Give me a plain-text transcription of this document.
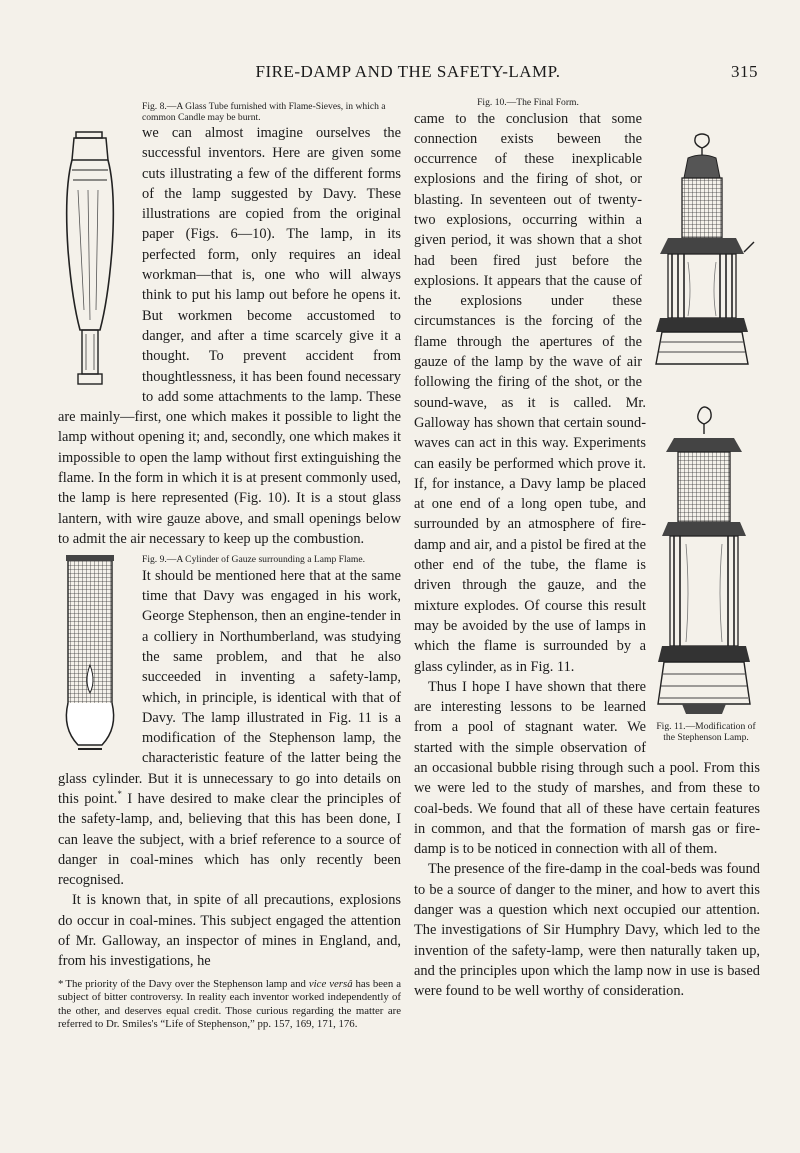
FIRE-DAMP AND THE SAFETY-LAMP.	315

Fig. 8.—A Glass Tube furnished with Flame-Sieves, in which a common Candle may be burnt.
we can almost imagine ourselves the successful inventors. Here are given some cuts illustrating a few of the different forms of the lamp suggested by Davy. These illustrations are copied from the original paper (Figs. 6—10). The lamp, in its perfected form, only requires an ideal workman—that is, one who will always think to put his lamp out before he opens it. But workmen become accustomed to danger, and after a time scarcely give it a thought. To prevent accident from thoughtlessness, it has been found necessary to add some attachments to the lamp. These are mainly—first, one which makes it possible to light the lamp without opening it; and, secondly, one which makes it impossible to open the lamp without first extinguishing the flame. In the form in which it is at present commonly used, the lamp is here represented (Fig. 10). It is a stout glass lantern, with wire gauze above, and small openings below to admit the air necessary to keep up the combustion.

Fig. 9.—A Cylinder of Gauze surrounding a Lamp Flame.
It should be mentioned here that at the same time that Davy was engaged in his work, George Stephenson, then an engine-tender in a colliery in Northumberland, was studying the same problem, and that he also succeeded in inventing a safety-lamp, which, in principle, is identical with that of Davy. The lamp illustrated in Fig. 11 is a modification of the Stephenson lamp, the characteristic feature of the latter being the glass cylinder. But it is unnecessary to go into details on this point.* I have desired to make clear the principles of the safety-lamp, and, believing that this has been done, I can leave the subject, with a brief reference to a source of danger in coal-mines which has only recently been recognised.

It is known that, in spite of all precautions, explosions do occur in coal-mines. This subject engaged the attention of Mr. Galloway, an inspector of mines in England, and, from his investigations, he

* The priority of the Davy over the Stephenson lamp and vice versâ has been a subject of bitter controversy. In reality each inventor worked independently of the other, and deserves equal credit. Those curious regarding the matter are referred to Dr. Smiles's “Life of Stephenson,” pp. 157, 169, 171, 176.

Fig. 10.—The Final Form.
Fig. 11.—Modification of the Stephenson Lamp.
came to the conclusion that some connection exists beween the occurrence of these inexplicable explosions and the firing of shot, or blasting. In seventeen out of twenty-two explosions, occurring within a given period, it was shown that a shot had been fired just before the explosions. It appears that the cause of the explosions under these circumstances is the forcing of the flame through the apertures of the gauze of the lamp by the wave of air following the firing of the shot, or the sound-wave, as it is called. Mr. Galloway has shown that certain sound-waves can act in this way. Experiments can easily be performed which prove it. If, for instance, a Davy lamp be placed at one end of a long open tube, and surrounded by an atmosphere of fire-damp and air, and a pistol be fired at the other end of the tube, the flame is driven through the gauze, and the mixture explodes. Of course this result may be avoided by the use of lamps in which the flame is surrounded by a glass cylinder, as in Fig. 11.

Thus I hope I have shown that there are interesting lessons to be learned from a pool of stagnant water. We started with the simple observation of an occasional bubble rising through such a pool. From this we were led to the study of marshes, and from these to coal-beds. We found that all of these have certain features in common, and that the formation of marsh gas or fire-damp is to be noticed in connection with all of them.

The presence of the fire-damp in the coal-beds was found to be a source of danger to the miner, and how to avert this danger was a question which next occupied our attention. The investigations of Sir Humphry Davy, which led to the invention of the safety-lamp, were then naturally taken up, and the principles upon which the lamp now in use is based were found to be well worthy of consideration.
